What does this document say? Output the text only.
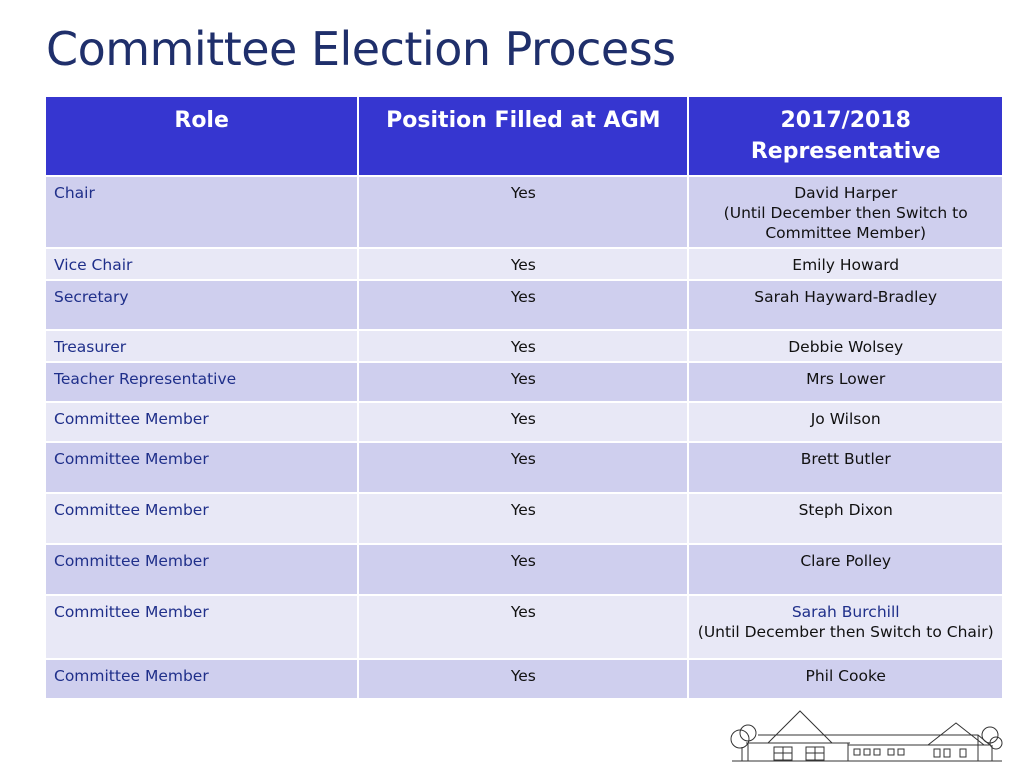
Committee Election Process
Role	Position Filled at AGM	2017/2018 Representative
Chair	Yes	David Harper
(Until December then Switch to Committee Member)

Vice Chair	Yes	Emily Howard

Secretary	Yes	Sarah Hayward-Bradley

Treasurer	Yes	Debbie Wolsey

Teacher Representative	Yes	Mrs Lower

Committee Member	Yes	Jo Wilson

Committee Member	Yes	Brett Butler

Committee Member	Yes	Steph Dixon

Committee Member	Yes	Clare Polley

Committee Member	Yes	Sarah Burchill
(Until December then Switch to Chair)

Committee Member	Yes	Phil Cooke
